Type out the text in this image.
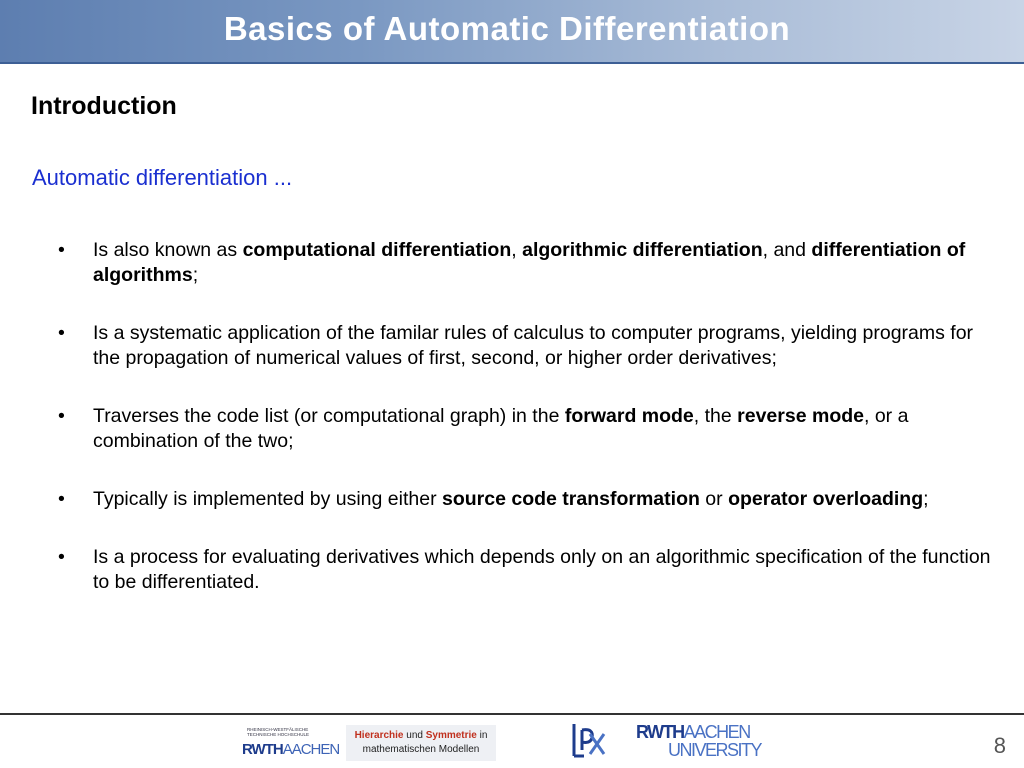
Basics of Automatic Differentiation
Introduction
Automatic differentiation ...
• Is also known as computational differentiation, algorithmic differentiation, and differentiation of algorithms;
• Is a systematic application of the familar rules of calculus to computer programs, yielding programs for the propagation of numerical values of first, second, or higher order derivatives;
• Traverses the code list (or computational graph) in the forward mode, the reverse mode, or a combination of the two;
• Typically is implemented by using either source code transformation or operator overloading;
• Is a process for evaluating derivatives which depends only on an algorithmic specification of the function to be differentiated.
RHEINISCH-WESTFÄLISCHE TECHNISCHE HOCHSCHULE
RWTHAACHEN
Hierarchie und Symmetrie in
mathematischen Modellen
RWTHAACHEN
UNIVERSITY	8
